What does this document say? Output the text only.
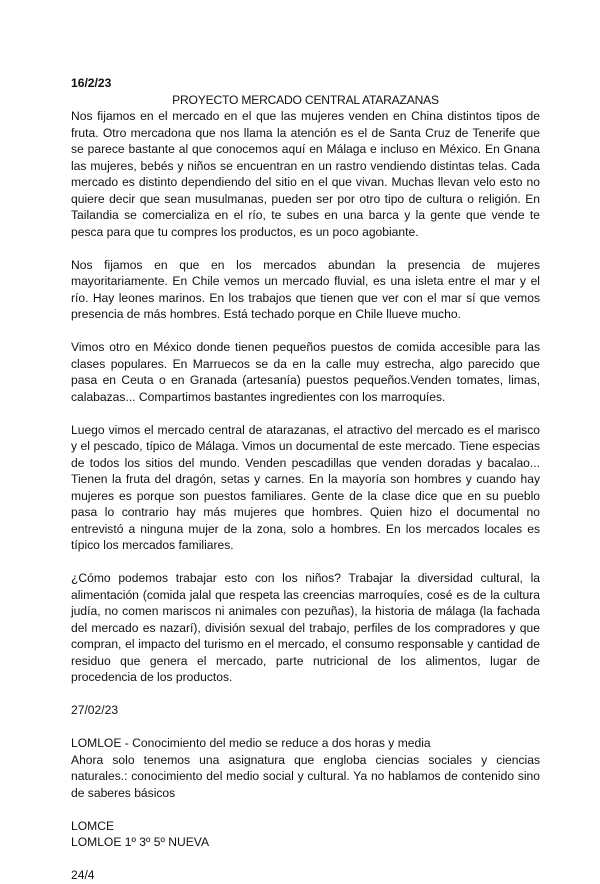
16/2/23

PROYECTO MERCADO CENTRAL ATARAZANAS

Nos fijamos en el mercado en el que las mujeres venden en China distintos tipos de fruta. Otro mercadona que nos llama la atención es el de Santa Cruz de Tenerife que se parece bastante al que conocemos aquí en Málaga e incluso en México. En Gnana las mujeres, bebés y niños se encuentran en un rastro vendiendo distintas telas. Cada mercado es distinto dependiendo del sitio en el que vivan. Muchas llevan velo esto no quiere decir que sean musulmanas, pueden ser por otro tipo de cultura o religión. En Tailandia se comercializa en el río, te subes en una barca y la gente que vende te pesca para que tu compres los productos, es un poco agobiante.

Nos fijamos en que en los mercados abundan la presencia de mujeres mayoritariamente. En Chile vemos un mercado fluvial, es una isleta entre el mar y el río. Hay leones marinos. En los trabajos que tienen que ver con el mar sí que vemos presencia de más hombres. Está techado porque en Chile llueve mucho.

Vimos otro en México donde tienen pequeños puestos de comida accesible para las clases populares. En Marruecos se da en la calle muy estrecha, algo parecido que pasa en Ceuta o en Granada (artesanía) puestos pequeños.Venden tomates, limas, calabazas... Compartimos bastantes ingredientes con los marroquíes.

Luego vimos el mercado central de atarazanas, el atractivo del mercado es el marisco y el pescado, típico de Málaga. Vimos un documental de este mercado. Tiene especias de todos los sitios del mundo. Venden pescadillas que venden doradas y bacalao... Tienen la fruta del dragón, setas y carnes. En la mayoría son hombres y cuando hay mujeres es porque son puestos familiares. Gente de la clase dice que en su pueblo pasa lo contrario hay más mujeres que hombres. Quien hizo el documental no entrevistó a ninguna mujer de la zona, solo a hombres. En los mercados locales es típico los mercados familiares.

¿Cómo podemos trabajar esto con los niños? Trabajar la diversidad cultural, la alimentación (comida jalal que respeta las creencias marroquíes, cosé es de la cultura judía, no comen mariscos ni animales con pezuñas), la historia de málaga (la fachada del mercado es nazarí), división sexual del trabajo, perfiles de los compradores y que compran, el impacto del turismo en el mercado, el consumo responsable y cantidad de residuo que genera el mercado, parte nutricional de los alimentos, lugar de procedencia de los productos.

27/02/23

LOMLOE - Conocimiento del medio se reduce a dos horas y media

Ahora solo tenemos una asignatura que engloba ciencias sociales y ciencias naturales.: conocimiento del medio social y cultural. Ya no hablamos de contenido sino de saberes básicos

LOMCE

LOMLOE 1º 3º 5º NUEVA

24/4
